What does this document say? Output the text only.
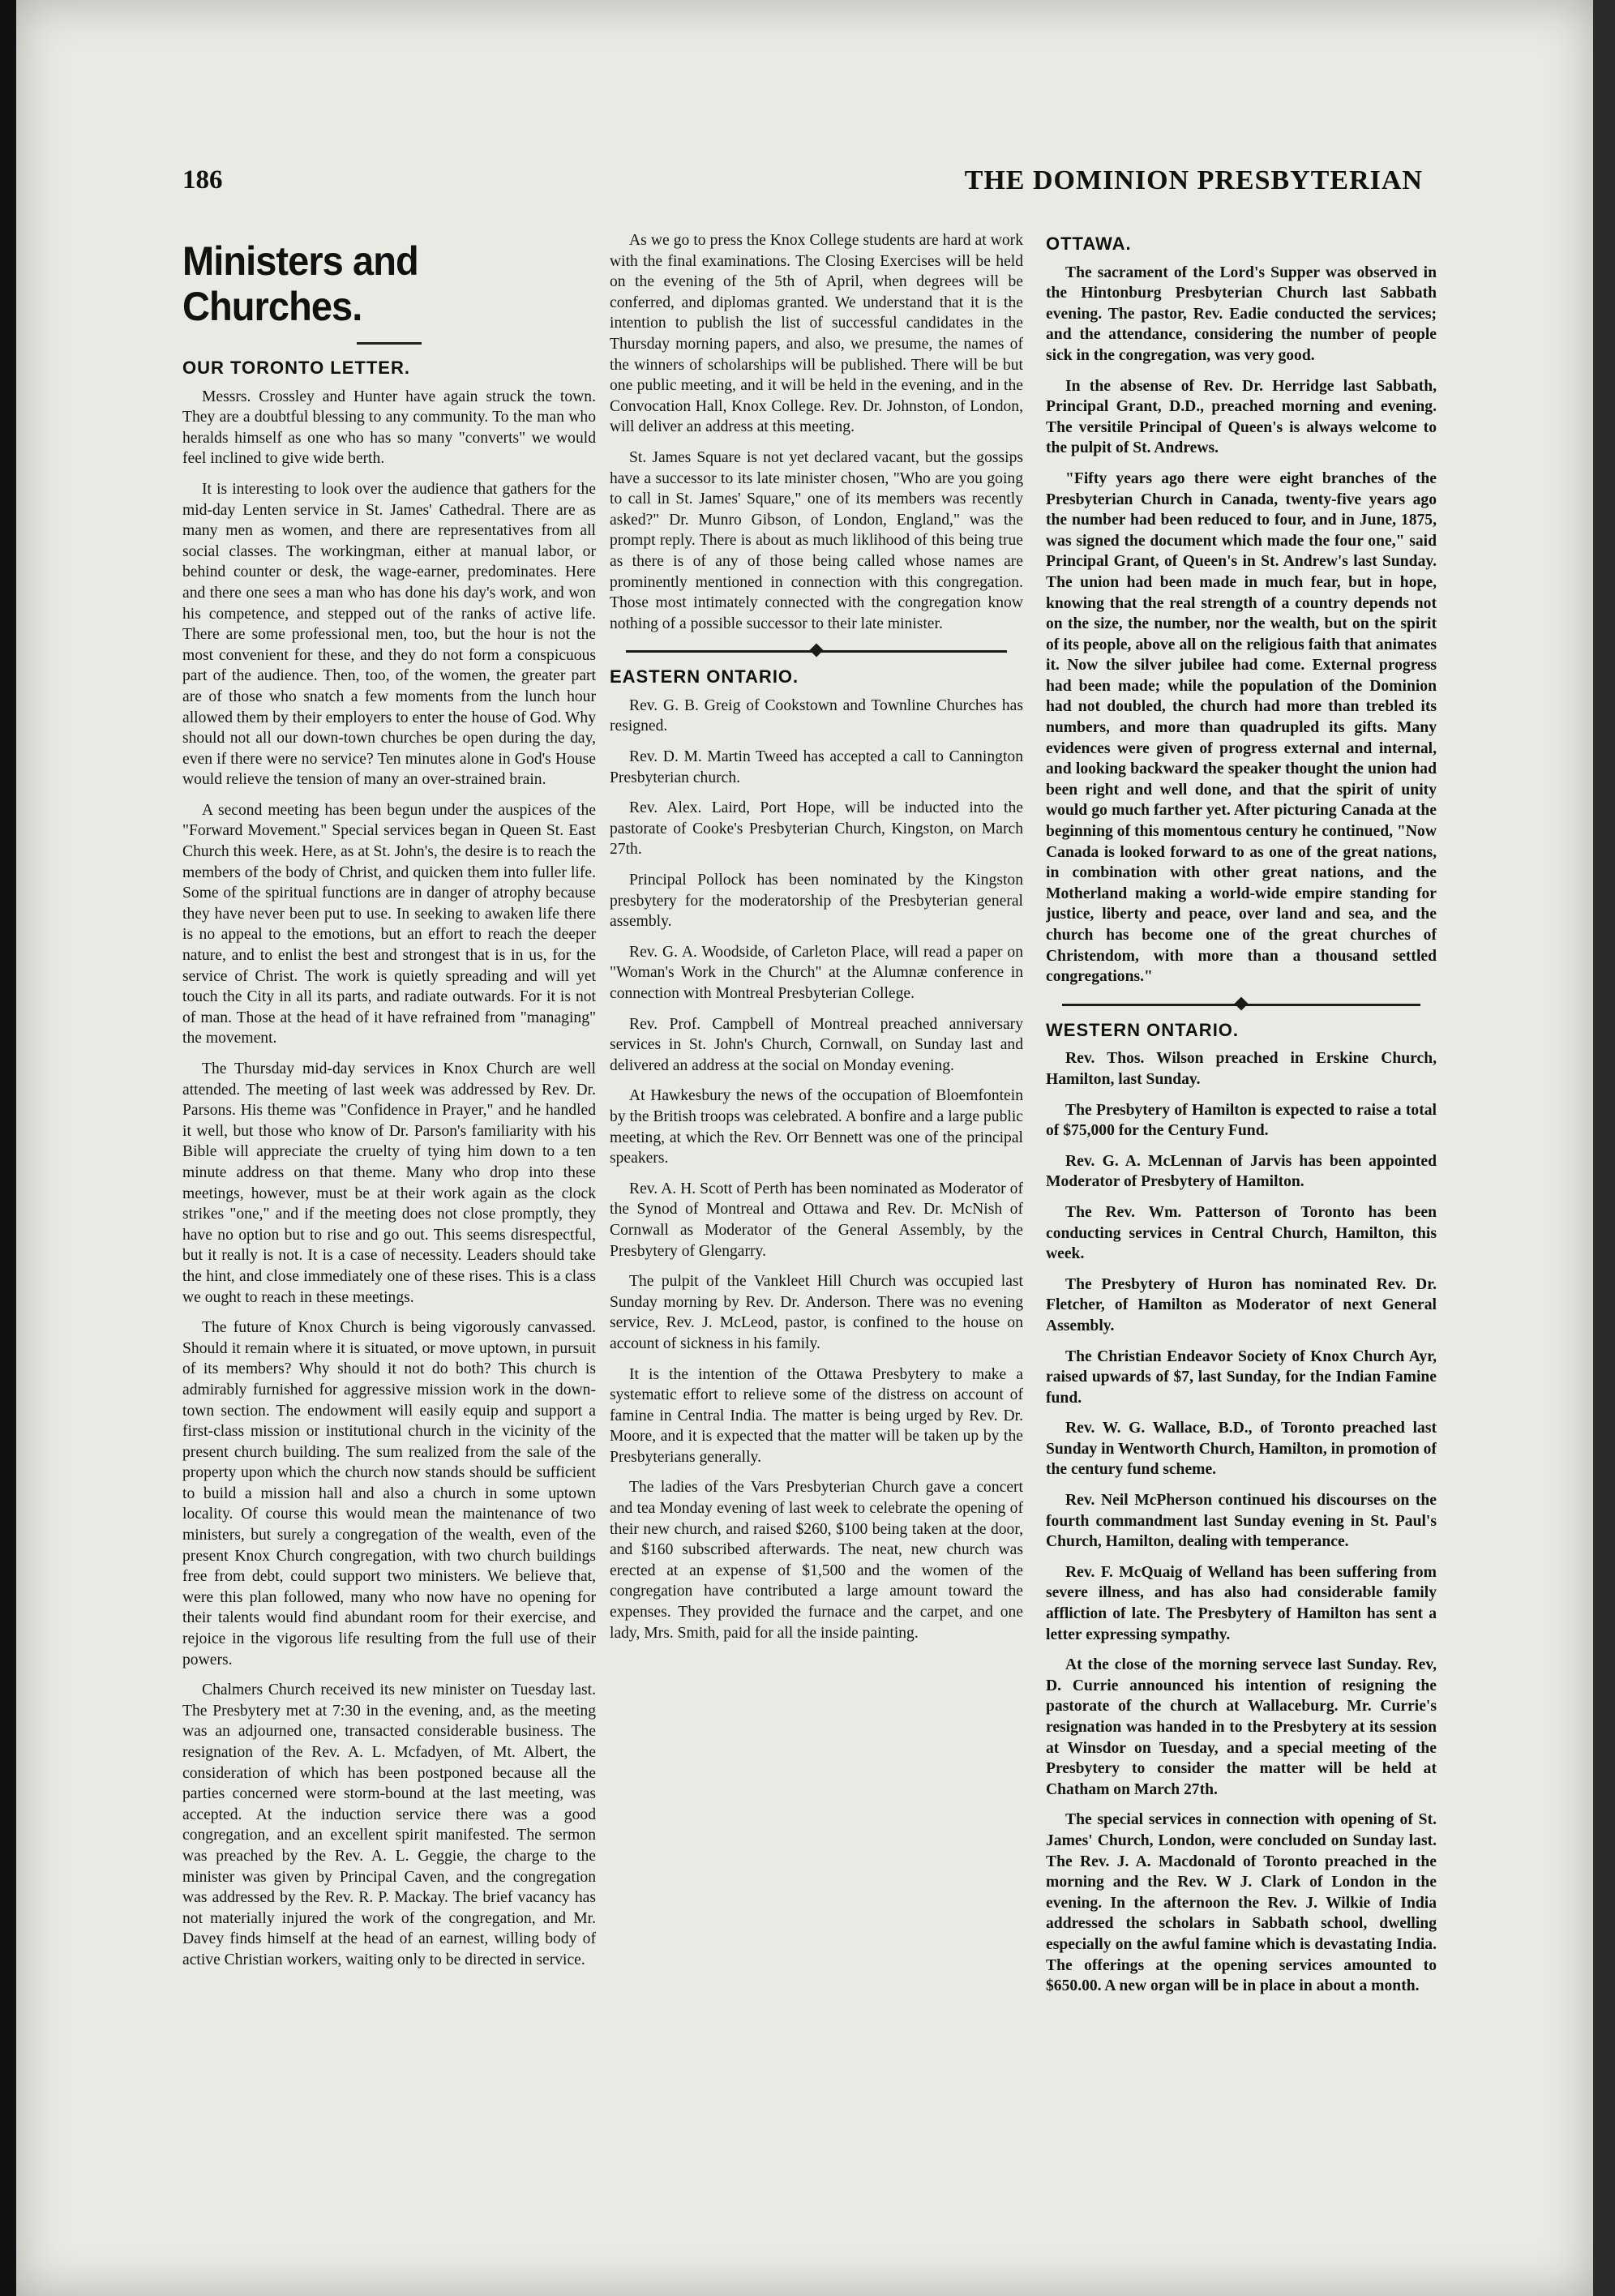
186	THE DOMINION PRESBYTERIAN
Ministers and Churches.
OUR TORONTO LETTER.

Messrs. Crossley and Hunter have again struck the town. They are a doubtful blessing to any community. To the man who heralds himself as one who has so many "converts" we would feel inclined to give wide berth.

It is interesting to look over the audience that gathers for the mid-day Lenten service in St. James' Cathedral. There are as many men as women, and there are representatives from all social classes. The workingman, either at manual labor, or behind counter or desk, the wage-earner, predominates. Here and there one sees a man who has done his day's work, and won his competence, and stepped out of the ranks of active life. There are some professional men, too, but the hour is not the most convenient for these, and they do not form a conspicuous part of the audience. Then, too, of the women, the greater part are of those who snatch a few moments from the lunch hour allowed them by their employers to enter the house of God. Why should not all our down-town churches be open during the day, even if there were no service? Ten minutes alone in God's House would relieve the tension of many an over-strained brain.

A second meeting has been begun under the auspices of the "Forward Movement." Special services began in Queen St. East Church this week. Here, as at St. John's, the desire is to reach the members of the body of Christ, and quicken them into fuller life. Some of the spiritual functions are in danger of atrophy because they have never been put to use. In seeking to awaken life there is no appeal to the emotions, but an effort to reach the deeper nature, and to enlist the best and strongest that is in us, for the service of Christ. The work is quietly spreading and will yet touch the City in all its parts, and radiate outwards. For it is not of man. Those at the head of it have refrained from "managing" the movement.

The Thursday mid-day services in Knox Church are well attended. The meeting of last week was addressed by Rev. Dr. Parsons. His theme was "Confidence in Prayer," and he handled it well, but those who know of Dr. Parson's familiarity with his Bible will appreciate the cruelty of tying him down to a ten minute address on that theme. Many who drop into these meetings, however, must be at their work again as the clock strikes "one," and if the meeting does not close promptly, they have no option but to rise and go out. This seems disrespectful, but it really is not. It is a case of necessity. Leaders should take the hint, and close immediately one of these rises. This is a class we ought to reach in these meetings.

The future of Knox Church is being vigorously canvassed. Should it remain where it is situated, or move uptown, in pursuit of its members? Why should it not do both? This church is admirably furnished for aggressive mission work in the down-town section. The endowment will easily equip and support a first-class mission or institutional church in the vicinity of the present church building. The sum realized from the sale of the property upon which the church now stands should be sufficient to build a mission hall and also a church in some uptown locality. Of course this would mean the maintenance of two ministers, but surely a congregation of the wealth, even of the present Knox Church congregation, with two church buildings free from debt, could support two ministers. We believe that, were this plan followed, many who now have no opening for their talents would find abundant room for their exercise, and rejoice in the vigorous life resulting from the full use of their powers.

Chalmers Church received its new minister on Tuesday last. The Presbytery met at 7:30 in the evening, and, as the meeting was an adjourned one, transacted considerable business. The resignation of the Rev. A. L. Mcfadyen, of Mt. Albert, the consideration of which has been postponed because all the parties concerned were storm-bound at the last meeting, was accepted. At the induction service there was a good congregation, and an excellent spirit manifested. The sermon was preached by the Rev. A. L. Geggie, the charge to the minister was given by Principal Caven, and the congregation was addressed by the Rev. R. P. Mackay. The brief vacancy has not materially injured the work of the congregation, and Mr. Davey finds himself at the head of an earnest, willing body of active Christian workers, waiting only to be directed in service.

As we go to press the Knox College students are hard at work with the final examinations. The Closing Exercises will be held on the evening of the 5th of April, when degrees will be conferred, and diplomas granted. We understand that it is the intention to publish the list of successful candidates in the Thursday morning papers, and also, we presume, the names of the winners of scholarships will be published. There will be but one public meeting, and it will be held in the evening, and in the Convocation Hall, Knox College. Rev. Dr. Johnston, of London, will deliver an address at this meeting.

St. James Square is not yet declared vacant, but the gossips have a successor to its late minister chosen, "Who are you going to call in St. James' Square," one of its members was recently asked?" Dr. Munro Gibson, of London, England," was the prompt reply. There is about as much liklihood of this being true as there is of any of those being called whose names are prominently mentioned in connection with this congregation. Those most intimately connected with the congregation know nothing of a possible successor to their late minister.

EASTERN ONTARIO.

Rev. G. B. Greig of Cookstown and Townline Churches has resigned.

Rev. D. M. Martin Tweed has accepted a call to Cannington Presbyterian church.

Rev. Alex. Laird, Port Hope, will be inducted into the pastorate of Cooke's Presbyterian Church, Kingston, on March 27th.

Principal Pollock has been nominated by the Kingston presbytery for the moderatorship of the Presbyterian general assembly.

Rev. G. A. Woodside, of Carleton Place, will read a paper on "Woman's Work in the Church" at the Alumnæ conference in connection with Montreal Presbyterian College.

Rev. Prof. Campbell of Montreal preached anniversary services in St. John's Church, Cornwall, on Sunday last and delivered an address at the social on Monday evening.

At Hawkesbury the news of the occupation of Bloemfontein by the British troops was celebrated. A bonfire and a large public meeting, at which the Rev. Orr Bennett was one of the principal speakers.

Rev. A. H. Scott of Perth has been nominated as Moderator of the Synod of Montreal and Ottawa and Rev. Dr. McNish of Cornwall as Moderator of the General Assembly, by the Presbytery of Glengarry.

The pulpit of the Vankleet Hill Church was occupied last Sunday morning by Rev. Dr. Anderson. There was no evening service, Rev. J. McLeod, pastor, is confined to the house on account of sickness in his family.

It is the intention of the Ottawa Presbytery to make a systematic effort to relieve some of the distress on account of famine in Central India. The matter is being urged by Rev. Dr. Moore, and it is expected that the matter will be taken up by the Presbyterians generally.

The ladies of the Vars Presbyterian Church gave a concert and tea Monday evening of last week to celebrate the opening of their new church, and raised $260, $100 being taken at the door, and $160 subscribed afterwards. The neat, new church was erected at an expense of $1,500 and the women of the congregation have contributed a large amount toward the expenses. They provided the furnace and the carpet, and one lady, Mrs. Smith, paid for all the inside painting.

OTTAWA.

The sacrament of the Lord's Supper was observed in the Hintonburg Presbyterian Church last Sabbath evening. The pastor, Rev. Eadie conducted the services; and the attendance, considering the number of people sick in the congregation, was very good.

In the absense of Rev. Dr. Herridge last Sabbath, Principal Grant, D.D., preached morning and evening. The versitile Principal of Queen's is always welcome to the pulpit of St. Andrews.

"Fifty years ago there were eight branches of the Presbyterian Church in Canada, twenty-five years ago the number had been reduced to four, and in June, 1875, was signed the document which made the four one," said Principal Grant, of Queen's in St. Andrew's last Sunday. The union had been made in much fear, but in hope, knowing that the real strength of a country depends not on the size, the number, nor the wealth, but on the spirit of its people, above all on the religious faith that animates it. Now the silver jubilee had come. External progress had been made; while the population of the Dominion had not doubled, the church had more than trebled its numbers, and more than quadrupled its gifts. Many evidences were given of progress external and internal, and looking backward the speaker thought the union had been right and well done, and that the spirit of unity would go much farther yet. After picturing Canada at the beginning of this momentous century he continued, "Now Canada is looked forward to as one of the great nations, in combination with other great nations, and the Motherland making a world-wide empire standing for justice, liberty and peace, over land and sea, and the church has become one of the great churches of Christendom, with more than a thousand settled congregations."

WESTERN ONTARIO.

Rev. Thos. Wilson preached in Erskine Church, Hamilton, last Sunday.

The Presbytery of Hamilton is expected to raise a total of $75,000 for the Century Fund.

Rev. G. A. McLennan of Jarvis has been appointed Moderator of Presbytery of Hamilton.

The Rev. Wm. Patterson of Toronto has been conducting services in Central Church, Hamilton, this week.

The Presbytery of Huron has nominated Rev. Dr. Fletcher, of Hamilton as Moderator of next General Assembly.

The Christian Endeavor Society of Knox Church Ayr, raised upwards of $7, last Sunday, for the Indian Famine fund.

Rev. W. G. Wallace, B.D., of Toronto preached last Sunday in Wentworth Church, Hamilton, in promotion of the century fund scheme.

Rev. Neil McPherson continued his discourses on the fourth commandment last Sunday evening in St. Paul's Church, Hamilton, dealing with temperance.

Rev. F. McQuaig of Welland has been suffering from severe illness, and has also had considerable family affliction of late. The Presbytery of Hamilton has sent a letter expressing sympathy.

At the close of the morning servece last Sunday. Rev, D. Currie announced his intention of resigning the pastorate of the church at Wallaceburg. Mr. Currie's resignation was handed in to the Presbytery at its session at Winsdor on Tuesday, and a special meeting of the Presbytery to consider the matter will be held at Chatham on March 27th.

The special services in connection with opening of St. James' Church, London, were concluded on Sunday last. The Rev. J. A. Macdonald of Toronto preached in the morning and the Rev. W J. Clark of London in the evening. In the afternoon the Rev. J. Wilkie of India addressed the scholars in Sabbath school, dwelling especially on the awful famine which is devastating India. The offerings at the opening services amounted to $650.00. A new organ will be in place in about a month.
